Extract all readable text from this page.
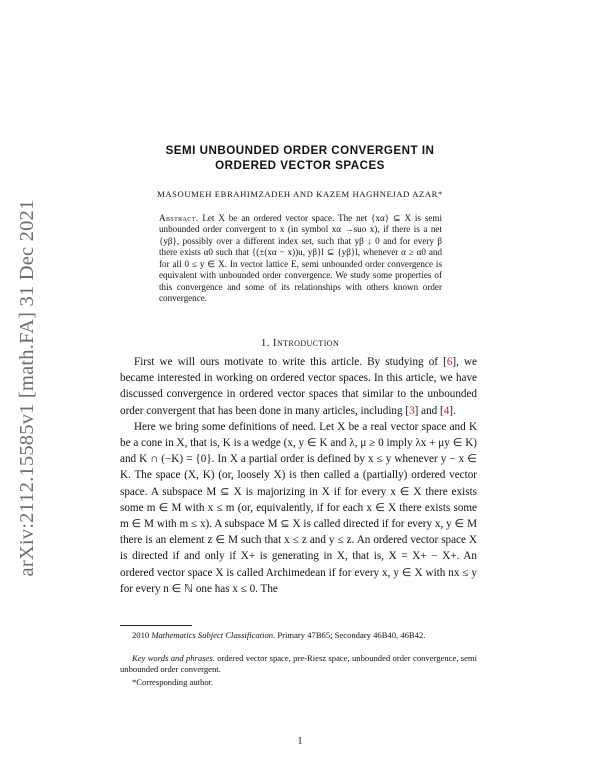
arXiv:2112.15585v1 [math.FA] 31 Dec 2021
SEMI UNBOUNDED ORDER CONVERGENT IN
ORDERED VECTOR SPACES
MASOUMEH EBRAHIMZADEH AND KAZEM HAGHNEJAD AZAR*
Abstract. Let X be an ordered vector space. The net {xα} ⊆ X is semi unbounded order convergent to x (in symbol xα →suo x), if there is a net {yβ}, possibly over a different index set, such that yβ ↓ 0 and for every β there exists α0 such that {(±(xα − x))u, yβ}l ⊆ {yβ}l, whenever α ≥ α0 and for all 0 ≤ y ∈ X. In vector lattice E, semi unbounded order convergence is equivalent with unbounded order convergence. We study some properties of this convergence and some of its relationships with others known order convergence.
1. Introduction

First we will ours motivate to write this article. By studying of [6], we became interested in working on ordered vector spaces. In this article, we have discussed convergence in ordered vector spaces that similar to the unbounded order convergent that has been done in many articles, including [3] and [4].

Here we bring some definitions of need. Let X be a real vector space and K be a cone in X, that is, K is a wedge (x, y ∈ K and λ, μ ≥ 0 imply λx + μy ∈ K) and K ∩ (−K) = {0}. In X a partial order is defined by x ≤ y whenever y − x ∈ K. The space (X, K) (or, loosely X) is then called a (partially) ordered vector space. A subspace M ⊆ X is majorizing in X if for every x ∈ X there exists some m ∈ M with x ≤ m (or, equivalently, if for each x ∈ X there exists some m ∈ M with m ≤ x). A subspace M ⊆ X is called directed if for every x, y ∈ M there is an element z ∈ M such that x ≤ z and y ≤ z. An ordered vector space X is directed if and only if X+ is generating in X, that is, X = X+ − X+. An ordered vector space X is called Archimedean if for every x, y ∈ X with nx ≤ y for every n ∈ ℕ one has x ≤ 0. The

2010 Mathematics Subject Classification. Primary 47B65; Secondary 46B40, 46B42.

Key words and phrases. ordered vector space, pre-Riesz space, unbounded order convergence, semi unbounded order convergent.

*Corresponding author.

1
